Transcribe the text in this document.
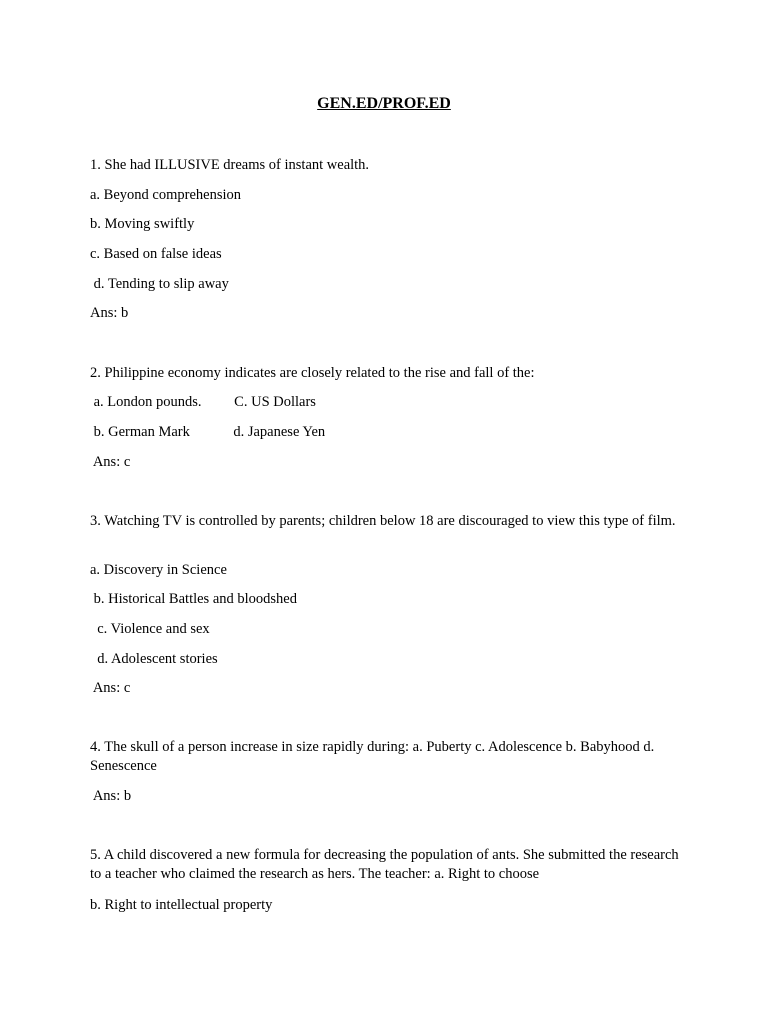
GEN.ED/PROF.ED
1. She had ILLUSIVE dreams of instant wealth.
a. Beyond comprehension
b. Moving swiftly
c. Based on false ideas
d. Tending to slip away
Ans: b
2. Philippine economy indicates are closely related to the rise and fall of the:
a. London pounds.         C. US Dollars
b. German Mark            d. Japanese Yen
Ans: c
3. Watching TV is controlled by parents; children below 18 are discouraged to view this type of film.
a. Discovery in Science
b. Historical Battles and bloodshed
c. Violence and sex
d. Adolescent stories
Ans: c
4. The skull of a person increase in size rapidly during: a. Puberty c. Adolescence b. Babyhood d. Senescence
Ans: b
5. A child discovered a new formula for decreasing the population of ants. She submitted the research to a teacher who claimed the research as hers. The teacher: a. Right to choose
b. Right to intellectual property
